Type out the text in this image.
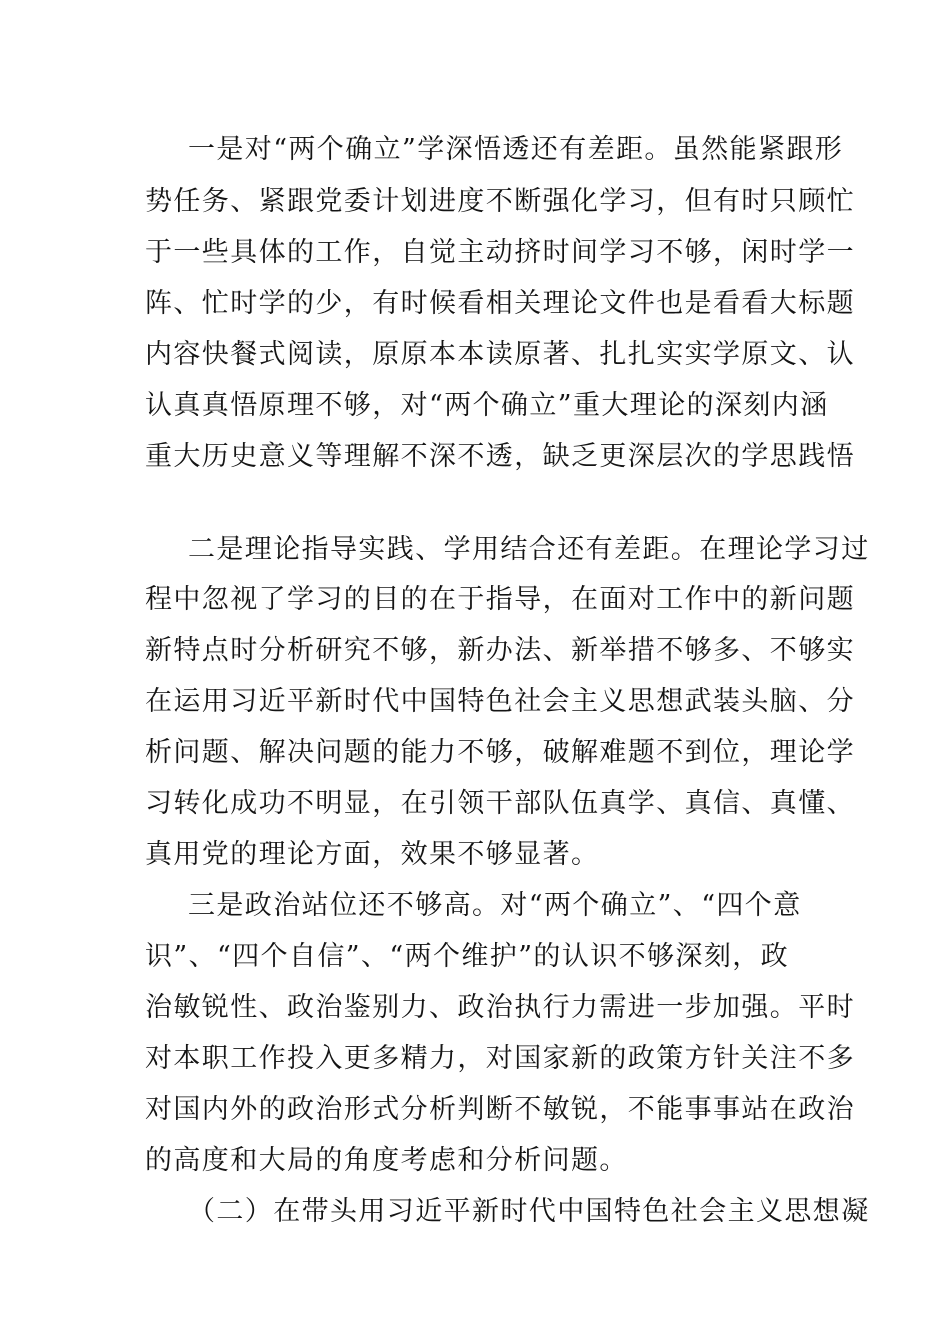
一是对“两个确立”学深悟透还有差距。虽然能紧跟形

势任务、紧跟党委计划进度不断强化学习，但有时只顾忙

于一些具体的工作，自觉主动挤时间学习不够，闲时学一

阵、忙时学的少，有时候看相关理论文件也是看看大标题

内容快餐式阅读，原原本本读原著、扎扎实实学原文、认

认真真悟原理不够，对“两个确立”重大理论的深刻内涵

重大历史意义等理解不深不透，缺乏更深层次的学思践悟

二是理论指导实践、学用结合还有差距。在理论学习过

程中忽视了学习的目的在于指导，在面对工作中的新问题

新特点时分析研究不够，新办法、新举措不够多、不够实

在运用习近平新时代中国特色社会主义思想武装头脑、分

析问题、解决问题的能力不够，破解难题不到位，理论学

习转化成功不明显，在引领干部队伍真学、真信、真懂、

真用党的理论方面，效果不够显著。

三是政治站位还不够高。对“两个确立”、“四个意

识”、“四个自信”、“两个维护”的认识不够深刻，政

治敏锐性、政治鉴别力、政治执行力需进一步加强。平时

对本职工作投入更多精力，对国家新的政策方针关注不多

对国内外的政治形式分析判断不敏锐，不能事事站在政治

的高度和大局的角度考虑和分析问题。

（二）在带头用习近平新时代中国特色社会主义思想凝
